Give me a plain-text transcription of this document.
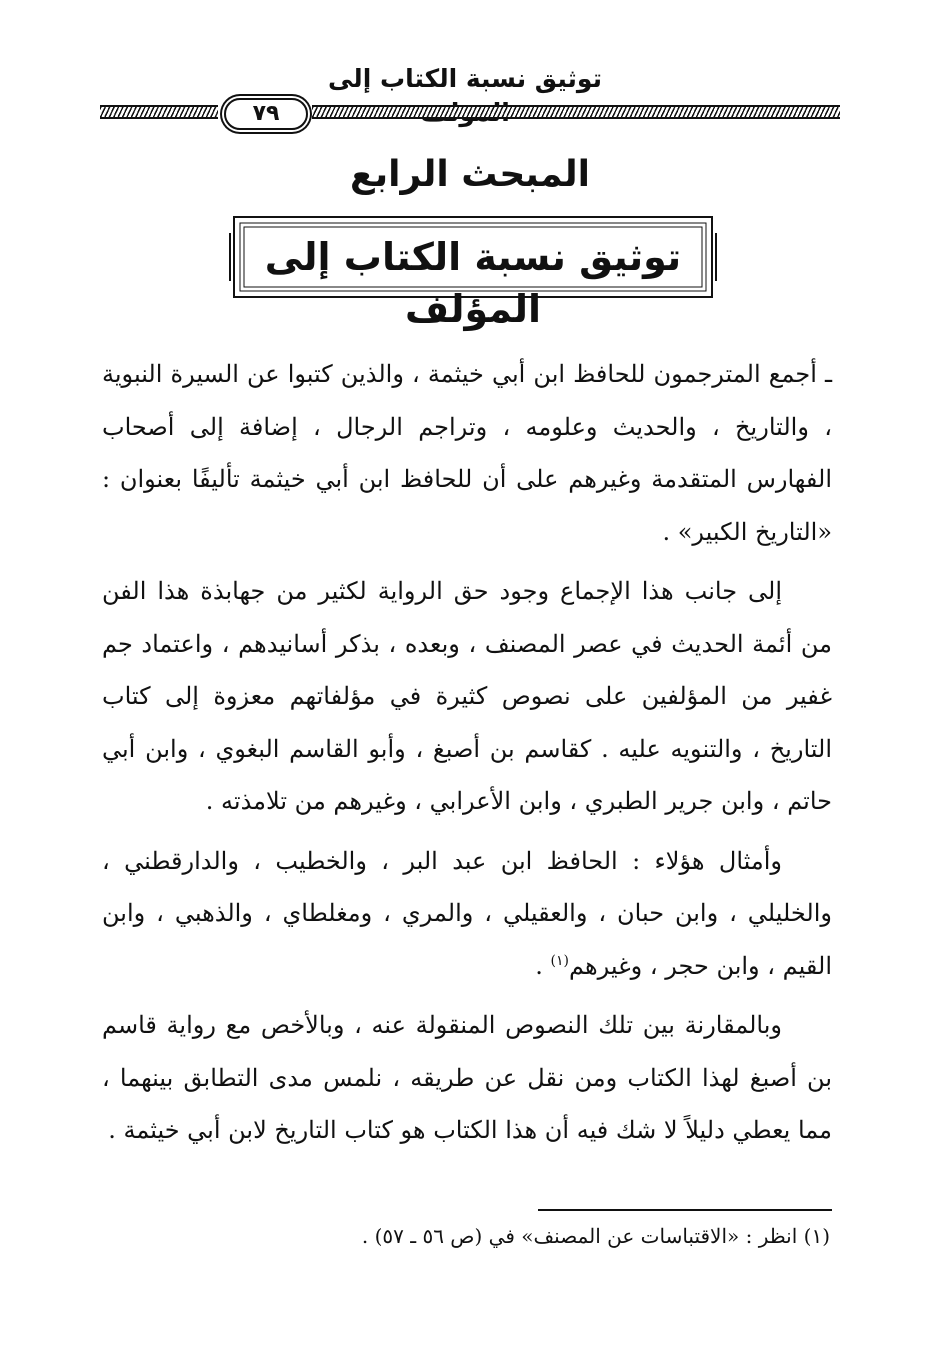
توثيق نسبة الكتاب إلى
٧٩
المبحث الرابع
توثيق نسبة الكتاب إلى المؤلف

ـ أجمع المترجمون للحافظ ابن أبي خيثمة ، والذين كتبوا عن السيرة النبوية ، والتاريخ ، والحديث وعلومه ، وتراجم الرجال ، إضافة إلى أصحاب الفهارس المتقدمة وغيرهم على أن للحافظ ابن أبي خيثمة تأليفًا بعنوان : «التاريخ الكبير» .

إلى جانب هذا الإجماع وجود حق الرواية لكثير من جهابذة هذا الفن من أئمة الحديث في عصر المصنف ، وبعده ، بذكر أسانيدهم ، واعتماد جم غفير من المؤلفين على نصوص كثيرة في مؤلفاتهم معزوة إلى كتاب التاريخ ، والتنويه عليه . كقاسم بن أصبغ ، وأبو القاسم البغوي ، وابن أبي حاتم ، وابن جرير الطبري ، وابن الأعرابي ، وغيرهم من تلامذته .

وأمثال هؤلاء : الحافظ ابن عبد البر ، والخطيب ، والدارقطني ، والخليلي ، وابن حبان ، والعقيلي ، والمري ، ومغلطاي ، والذهبي ، وابن القيم ، وابن حجر ، وغيرهم$^{(١)}$ .

وبالمقارنة بين تلك النصوص المنقولة عنه ، وبالأخص مع رواية قاسم بن أصبغ لهذا الكتاب ومن نقل عن طريقه ، نلمس مدى التطابق بينهما ، مما يعطي دليلاً لا شك فيه أن هذا الكتاب هو كتاب التاريخ لابن أبي خيثمة .

(١) انظر : «الاقتباسات عن المصنف» في (ص ٥٦ ـ ٥٧) .
